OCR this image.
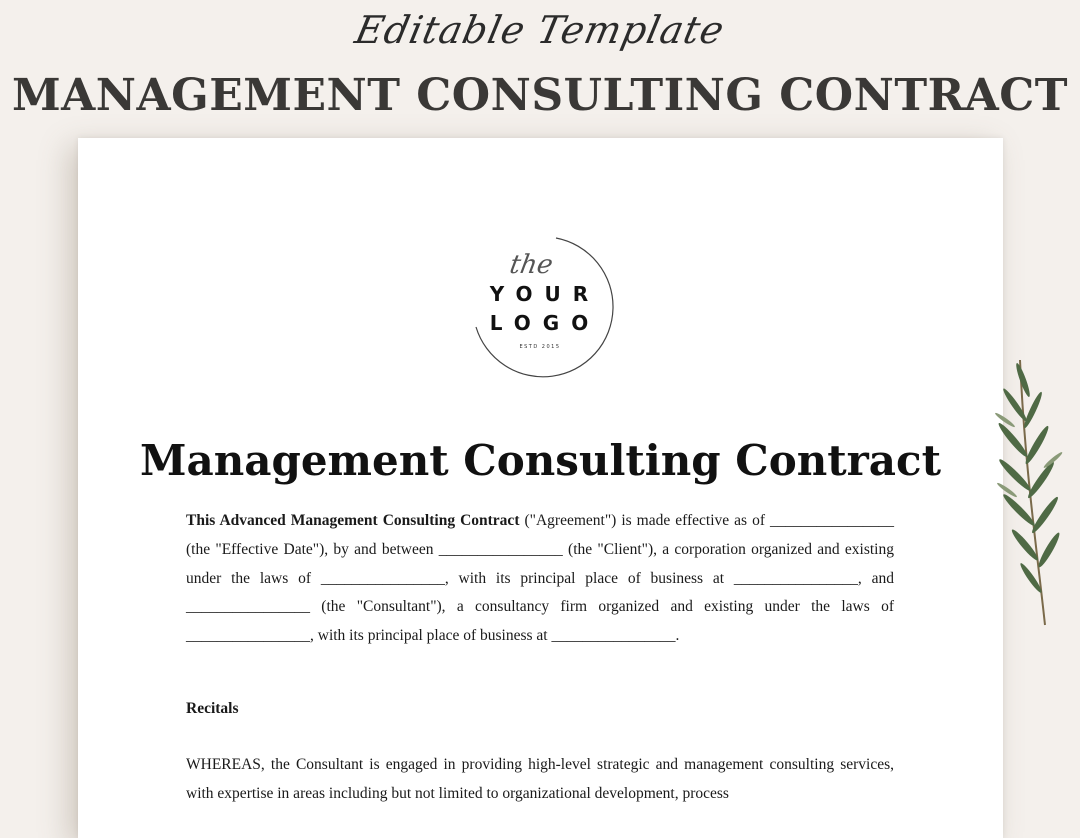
Editable Template
MANAGEMENT CONSULTING CONTRACT
the
YOUR
LOGO
ESTD 2015
Management Consulting Contract
This Advanced Management Consulting Contract ("Agreement") is made effective as of ________________ (the "Effective Date"), by and between ________________ (the "Client"), a corporation organized and existing under the laws of ________________, with its principal place of business at ________________, and ________________ (the "Consultant"), a consultancy firm organized and existing under the laws of ________________, with its principal place of business at ________________.
Recitals
WHEREAS, the Consultant is engaged in providing high-level strategic and management consulting services, with expertise in areas including but not limited to organizational development, process
